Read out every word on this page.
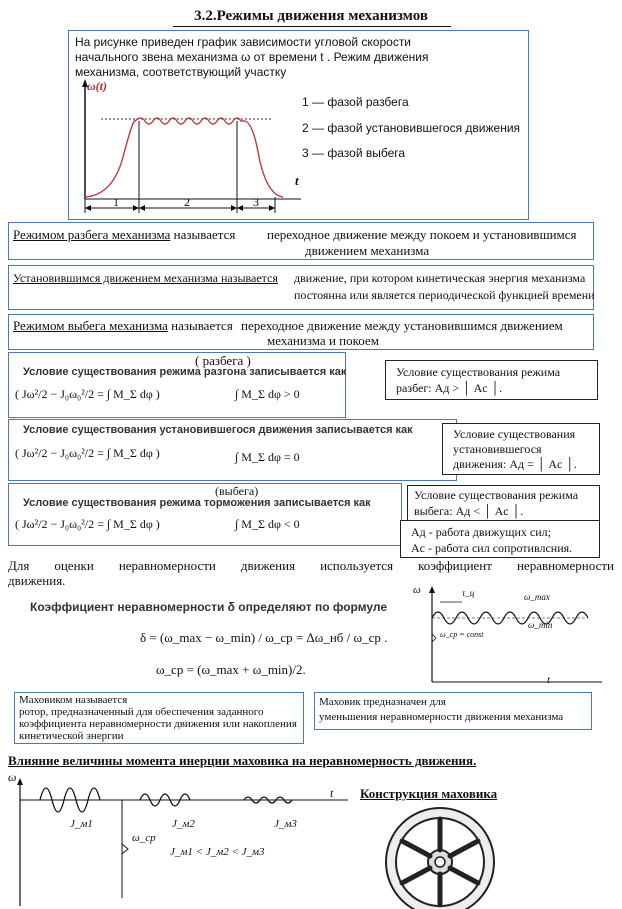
3.2.Режимы движения механизмов
На рисунке приведен график зависимости угловой скорости
начального звена механизма ω от времени t . Режим движения
механизма, соответствующий участку
ω(t)
t
1	2	3
1 — фазой разбега
2 — фазой установившегося движения
3 — фазой выбега
Режимом разбега механизма называется переходное движение между покоем и установившимся
движением механизма
Установившимся движением механизма называется движение, при котором кинетическая энергия механизма
постоянна или является периодической функцией времени
Режимом выбега механизма называется переходное движение между установившимся движением
механизма и покоем
( разбега )
Условие существования режима разгона записывается как
( Jω²/2 − J₀ω₀²/2 = ∫ M_Σ dφ )	∫ M_Σ dφ > 0
Условие существования режима
разбег: Aд > │ Ac │.
Условие существования установившегося движения записывается как
( Jω²/2 − J₀ω₀²/2 = ∫ M_Σ dφ )	∫ M_Σ dφ = 0
Условие существования
установившегося
движения: Aд = │ Ac │.
(выбега)
Условие существования режима торможения записывается как
( Jω²/2 − J₀ω₀²/2 = ∫ M_Σ dφ )	∫ M_Σ dφ < 0
Условие существования режима
выбега: Aд < │ Ac │.
Aд - работа движущих сил;
Ac - работа сил сопротивлсния.
Для оценки неравномерности движения используется коэффициент неравномерности
движения.
Коэффициент неравномерности δ определяют по формуле
δ = (ω_max − ω_min) / ω_cp = Δω_нб / ω_cp .
ω_cp = (ω_max + ω_min)/2.
ω
t
τ_ц	ω_max
ω_min
ω_cp = const
Маховиком называется
ротор, предназначенный для обеспечения заданного
коэффициента неравномерности движения или накопления
кинетической энергии
Маховик предназначен для
уменьшения неравномерности движения механизма
Влияние величины момента инерции маховика на неравномерность движения.
ω
t
ω_cp
J_м1	J_м2	J_м3
J_м1 < J_м2 < J_м3
Конструкция маховика
